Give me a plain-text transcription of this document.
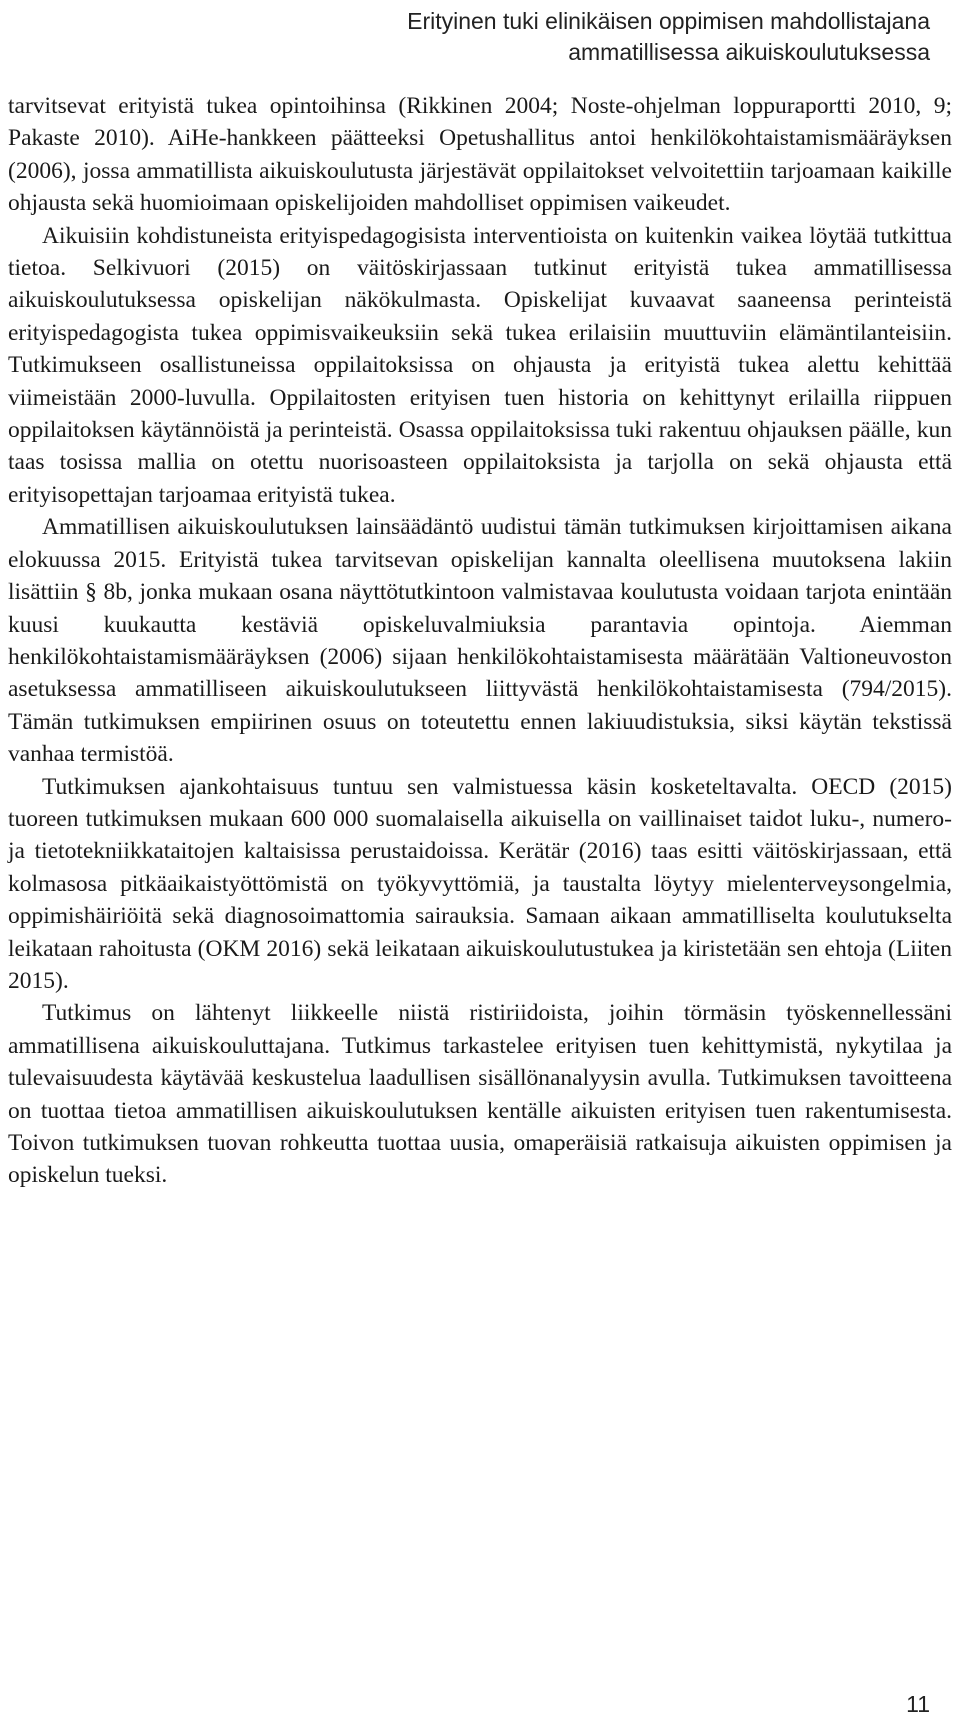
Erityinen tuki elinikäisen oppimisen mahdollistajana
ammatillisessa aikuiskoulutuksessa

tarvitsevat erityistä tukea opintoihinsa (Rikkinen 2004; Noste-ohjelman loppuraportti 2010, 9; Pakaste 2010). AiHe-hankkeen päätteeksi Opetushallitus antoi henkilökohtaistamismääräyksen (2006), jossa ammatillista aikuiskoulutusta järjestävät oppilaitokset velvoitettiin tarjoamaan kaikille ohjausta sekä huomioimaan opiskelijoiden mahdolliset oppimisen vaikeudet.

Aikuisiin kohdistuneista erityispedagogisista interventioista on kuitenkin vaikea löytää tutkittua tietoa. Selkivuori (2015) on väitöskirjassaan tutkinut erityistä tukea ammatillisessa aikuiskoulutuksessa opiskelijan näkökulmasta. Opiskelijat kuvaavat saaneensa perinteistä erityispedagogista tukea oppimisvaikeuksiin sekä tukea erilaisiin muuttuviin elämäntilanteisiin. Tutkimukseen osallistuneissa oppilaitoksissa on ohjausta ja erityistä tukea alettu kehittää viimeistään 2000-luvulla. Oppilaitosten erityisen tuen historia on kehittynyt erilailla riippuen oppilaitoksen käytännöistä ja perinteistä. Osassa oppilaitoksissa tuki rakentuu ohjauksen päälle, kun taas tosissa mallia on otettu nuorisoasteen oppilaitoksista ja tarjolla on sekä ohjausta että erityisopettajan tarjoamaa erityistä tukea.

Ammatillisen aikuiskoulutuksen lainsäädäntö uudistui tämän tutkimuksen kirjoittamisen aikana elokuussa 2015. Erityistä tukea tarvitsevan opiskelijan kannalta oleellisena muutoksena lakiin lisättiin § 8b, jonka mukaan osana näyttötutkintoon valmistavaa koulutusta voidaan tarjota enintään kuusi kuukautta kestäviä opiskeluvalmiuksia parantavia opintoja. Aiemman henkilökohtaistamismääräyksen (2006) sijaan henkilökohtaistamisesta määrätään Valtioneuvoston asetuksessa ammatilliseen aikuiskoulutukseen liittyvästä henkilökohtaistamisesta (794/2015). Tämän tutkimuksen empiirinen osuus on toteutettu ennen lakiuudistuksia, siksi käytän tekstissä vanhaa termistöä.

Tutkimuksen ajankohtaisuus tuntuu sen valmistuessa käsin kosketeltavalta. OECD (2015) tuoreen tutkimuksen mukaan 600 000 suomalaisella aikuisella on vaillinaiset taidot luku-, numero- ja tietotekniikkataitojen kaltaisissa perustaidoissa. Kerätär (2016) taas esitti väitöskirjassaan, että kolmasosa pitkäaikaistyöttömistä on työkyvyttömiä, ja taustalta löytyy mielenterveysongelmia, oppimishäiriöitä sekä diagnosoimattomia sairauksia. Samaan aikaan ammatilliselta koulutukselta leikataan rahoitusta (OKM 2016) sekä leikataan aikuiskoulutustukea ja kiristetään sen ehtoja (Liiten 2015).

Tutkimus on lähtenyt liikkeelle niistä ristiriidoista, joihin törmäsin työskennellessäni ammatillisena aikuiskouluttajana. Tutkimus tarkastelee erityisen tuen kehittymistä, nykytilaa ja tulevaisuudesta käytävää keskustelua laadullisen sisällönanalyysin avulla. Tutkimuksen tavoitteena on tuottaa tietoa ammatillisen aikuiskoulutuksen kentälle aikuisten erityisen tuen rakentumisesta. Toivon tutkimuksen tuovan rohkeutta tuottaa uusia, omaperäisiä ratkaisuja aikuisten oppimisen ja opiskelun tueksi.

11
